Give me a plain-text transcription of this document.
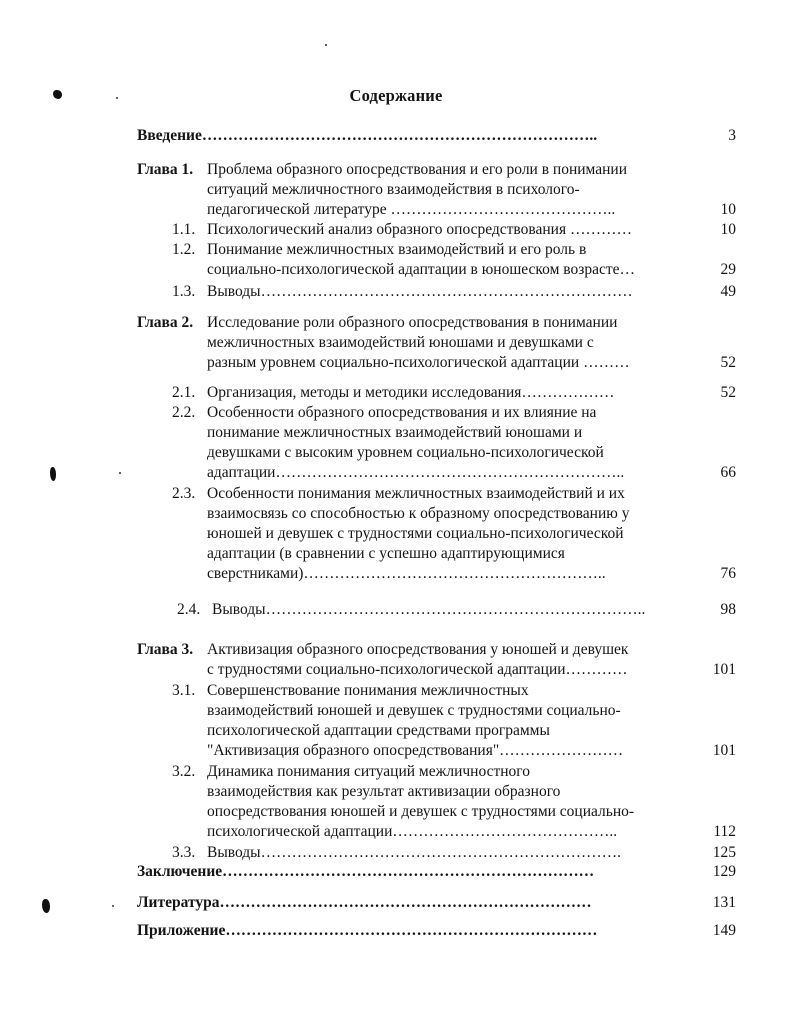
Содержание
Введение…………………………………………………………………..	3
Глава 1. Проблема образного опосредствования и его роли в понимании
ситуаций межличностного взаимодействия в психолого-
педагогической литературе ……………………………………..	10
1.1. Психологический анализ образного опосредствования …………	10
1.2. Понимание межличностных взаимодействий и его роль в
социально-психологической адаптации в юношеском возрасте…	29
1.3. Выводы………………………………………………………………	49
Глава 2. Исследование роли образного опосредствования в понимании
межличностных взаимодействий юношами и девушками с
разным уровнем социально-психологической адаптации ………	52
2.1. Организация, методы и методики исследования………………	52
2.2. Особенности образного опосредствования и их влияние на
понимание межличностных взаимодействий юношами и
девушками с высоким уровнем социально-психологической
адаптации…………………………………………………………..	66
2.3. Особенности понимания межличностных взаимодействий и их
взаимосвязь со способностью к образному опосредствованию у
юношей и девушек с трудностями социально-психологической
адаптации (в сравнении с успешно адаптирующимися
сверстниками)…………………………………………………..	76
2.4. Выводы………………………………………………………………..	98
Глава 3. Активизация образного опосредствования у юношей и девушек
с трудностями социально-психологической адаптации…………	101
3.1. Совершенствование понимания межличностных
взаимодействий юношей и девушек с трудностями социально-
психологической адаптации средствами программы
"Активизация образного опосредствования"……………………	101
3.2. Динамика понимания ситуаций межличностного
взаимодействия как результат активизации образного
опосредствования юношей и девушек с трудностями социально-
психологической адаптации……………………………………..	112
3.3. Выводы…………………………………………………………….	125
Заключение………………………………………………………………	129
Литература………………………………………………………………	131
Приложение………………………………………………………………	149
